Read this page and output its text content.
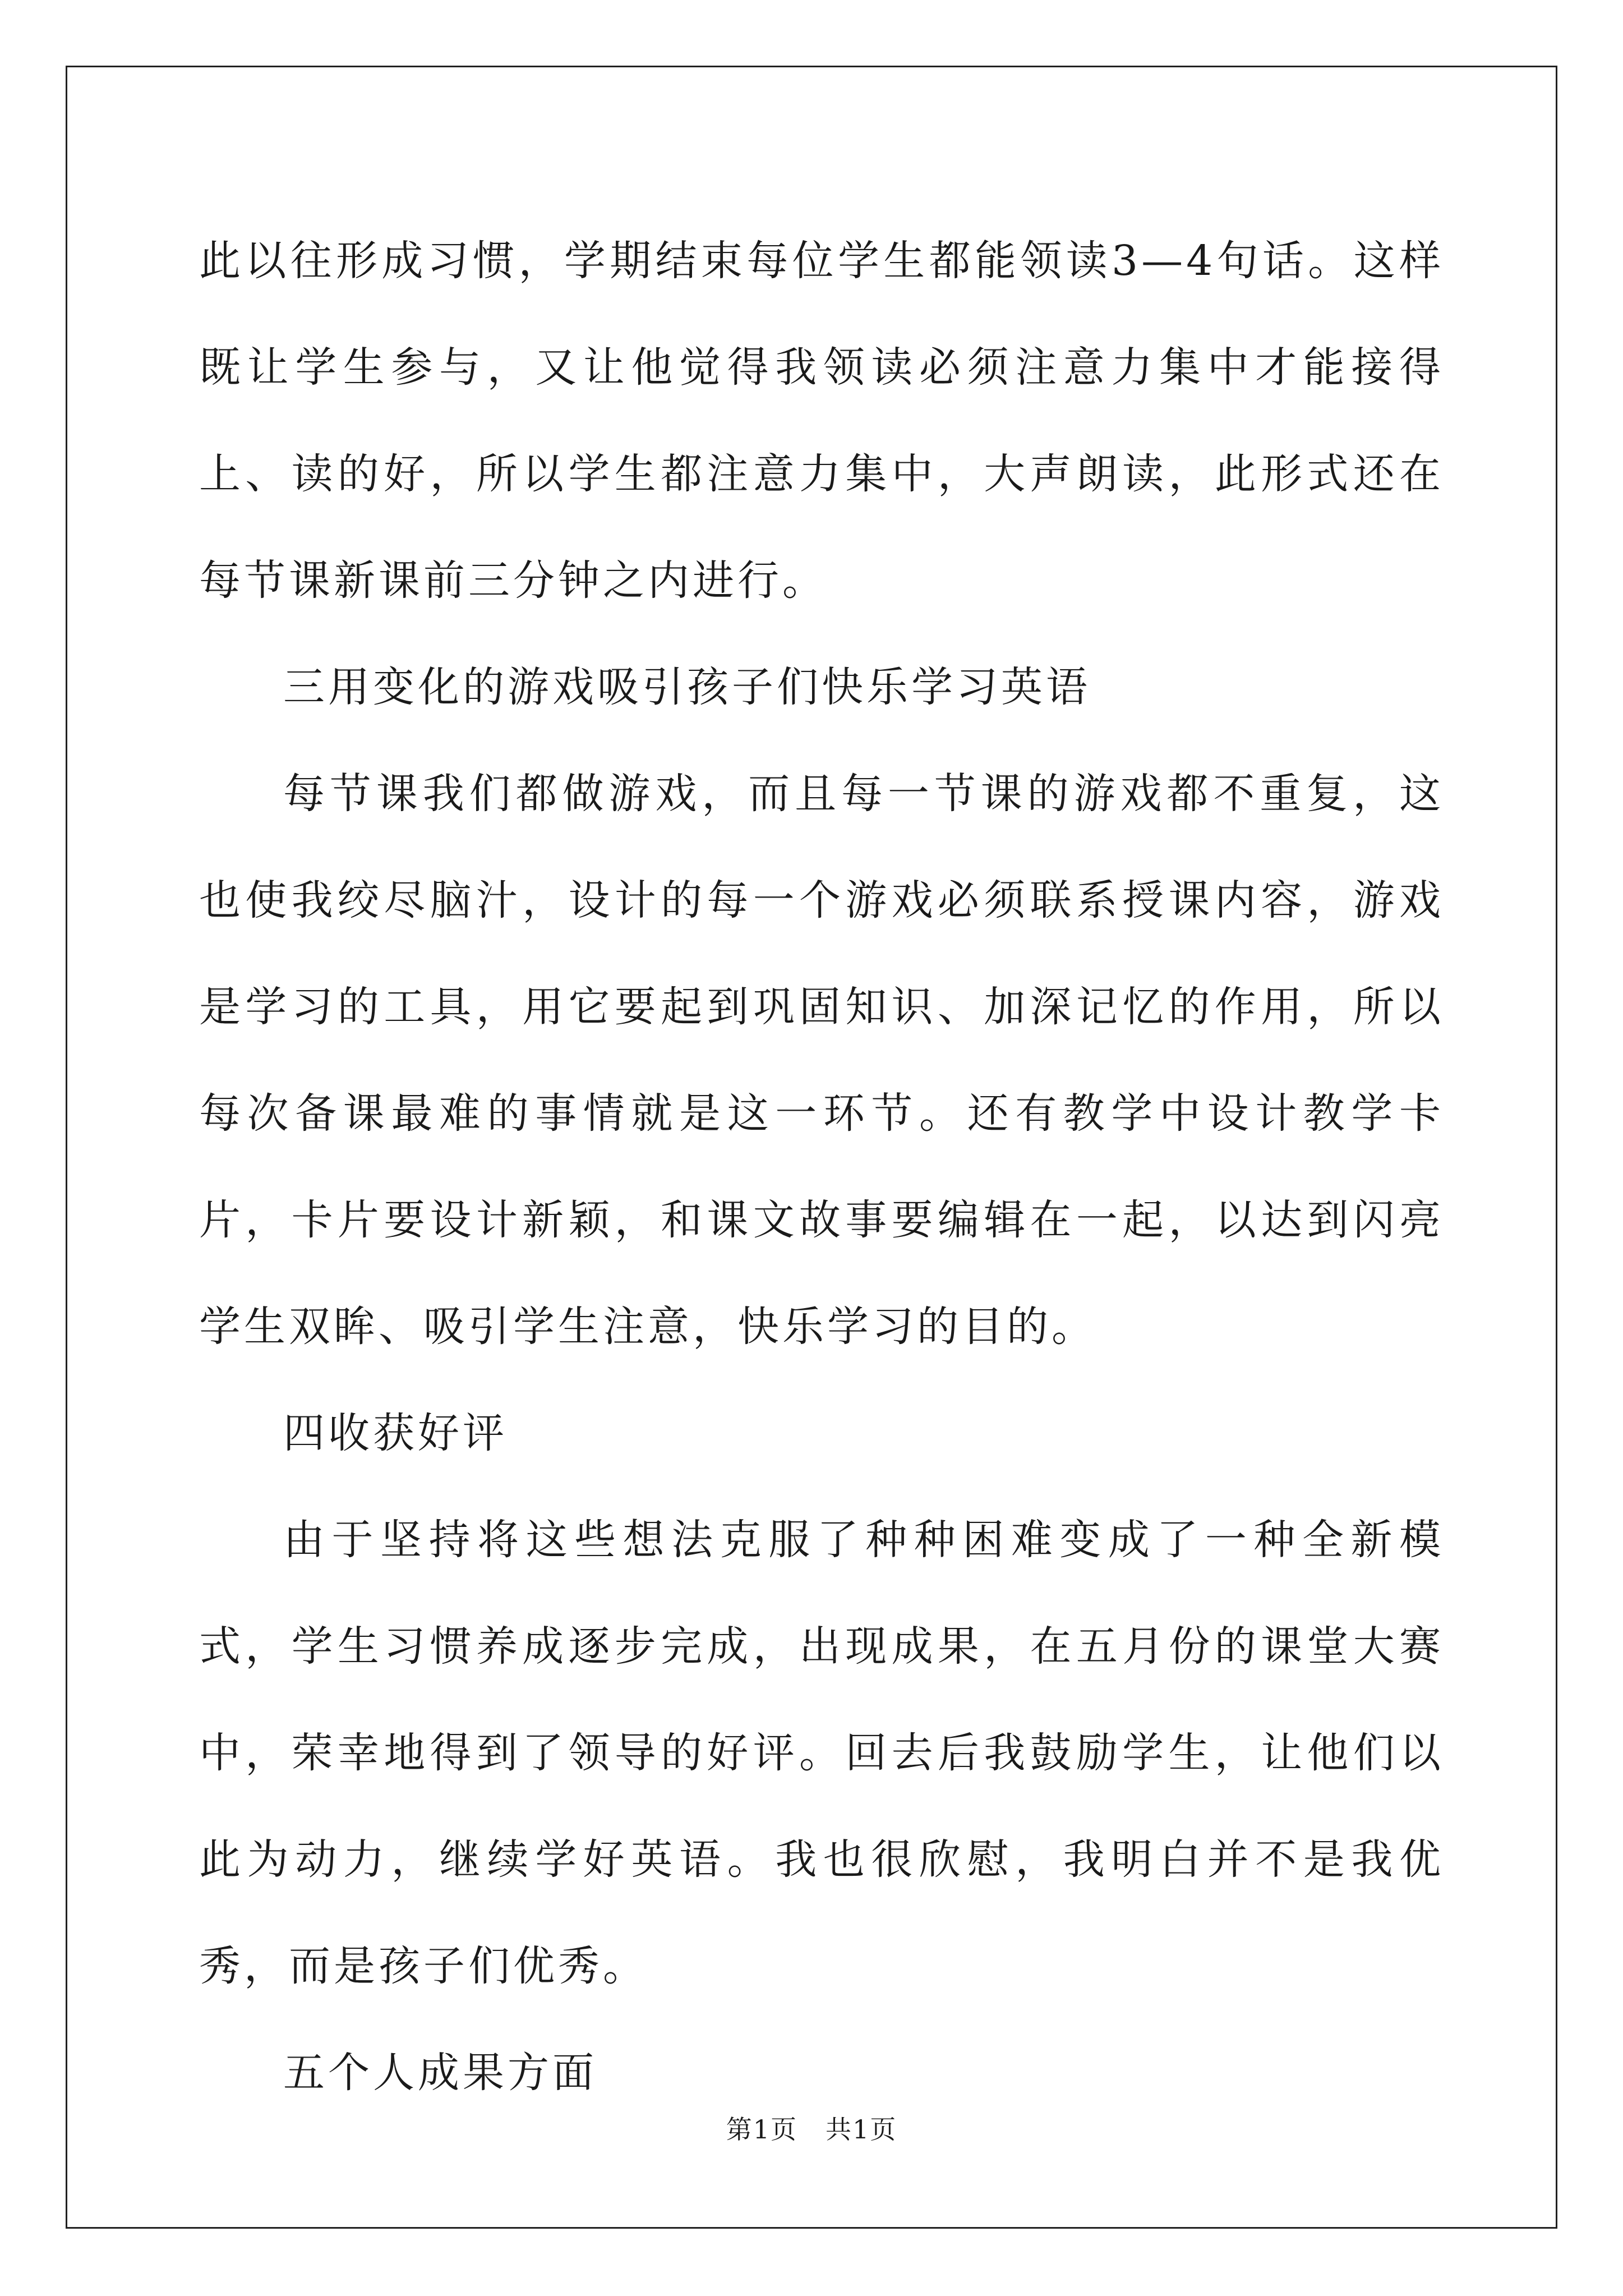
此以往形成习惯，学期结束每位学生都能领读3—4句话。这样既让学生参与，又让他觉得我领读必须注意力集中才能接得上、读的好，所以学生都注意力集中，大声朗读，此形式还在每节课新课前三分钟之内进行。

三用变化的游戏吸引孩子们快乐学习英语

每节课我们都做游戏，而且每一节课的游戏都不重复，这也使我绞尽脑汁，设计的每一个游戏必须联系授课内容，游戏是学习的工具，用它要起到巩固知识、加深记忆的作用，所以每次备课最难的事情就是这一环节。还有教学中设计教学卡片，卡片要设计新颖，和课文故事要编辑在一起，以达到闪亮学生双眸、吸引学生注意，快乐学习的目的。

四收获好评

由于坚持将这些想法克服了种种困难变成了一种全新模式，学生习惯养成逐步完成，出现成果，在五月份的课堂大赛中，荣幸地得到了领导的好评。回去后我鼓励学生，让他们以此为动力，继续学好英语。我也很欣慰，我明白并不是我优秀，而是孩子们优秀。

五个人成果方面

第1页 共1页
